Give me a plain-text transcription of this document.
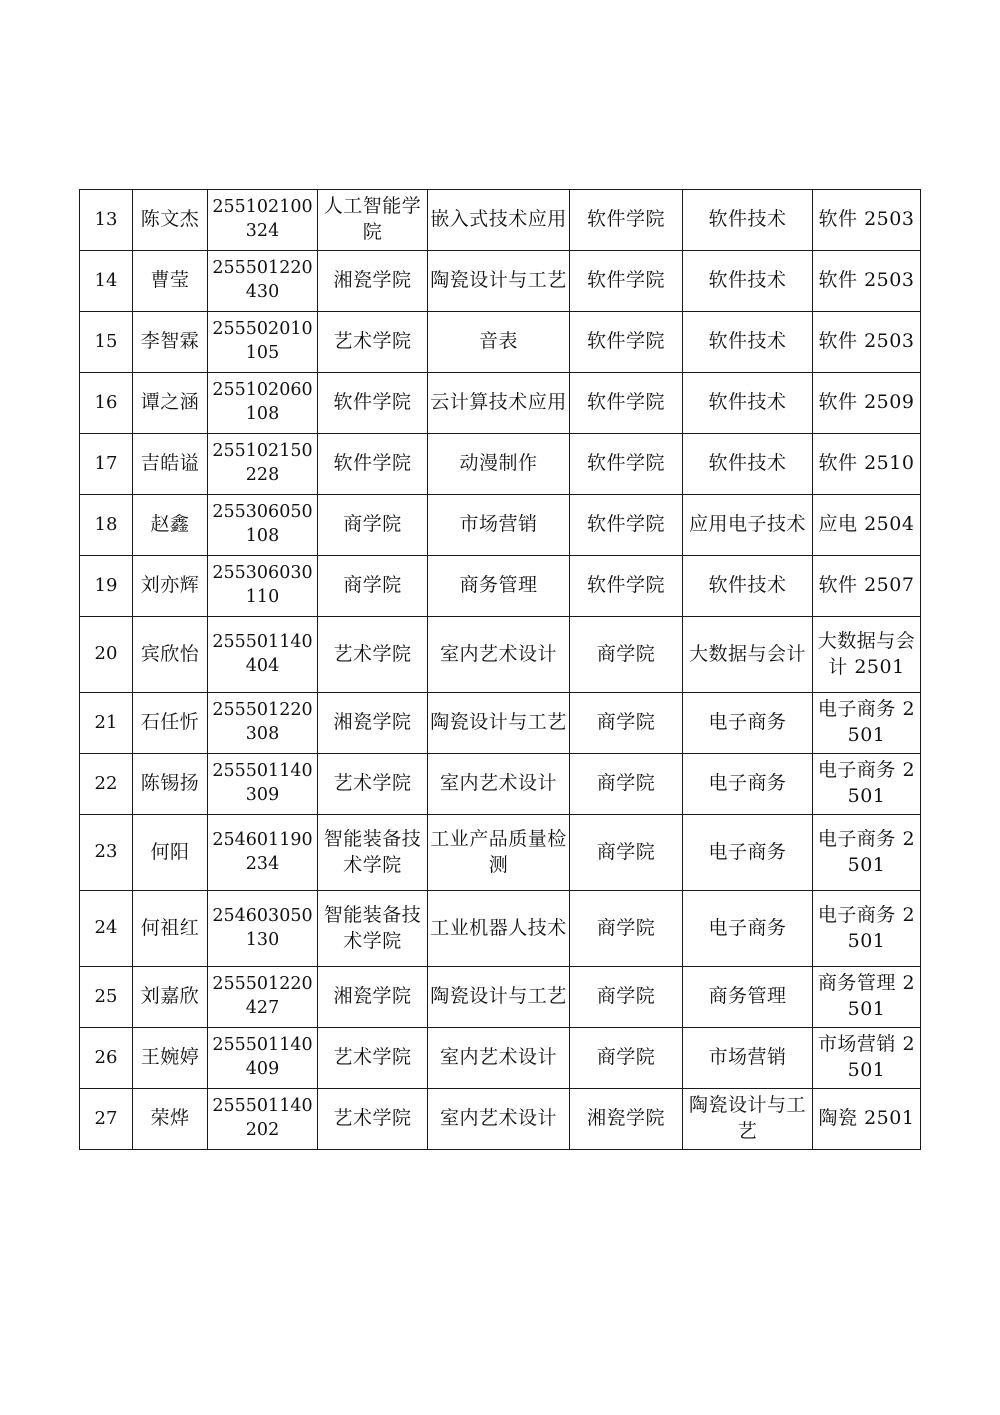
13	陈文杰	255102100324	人工智能学院	嵌入式技术应用	软件学院	软件技术	软件 2503
14	曹莹	255501220430	湘瓷学院	陶瓷设计与工艺	软件学院	软件技术	软件 2503
15	李智霖	255502010105	艺术学院	音表	软件学院	软件技术	软件 2503
16	谭之涵	255102060108	软件学院	云计算技术应用	软件学院	软件技术	软件 2509
17	吉皓谥	255102150228	软件学院	动漫制作	软件学院	软件技术	软件 2510
18	赵鑫	255306050108	商学院	市场营销	软件学院	应用电子技术	应电 2504
19	刘亦辉	255306030110	商学院	商务管理	软件学院	软件技术	软件 2507
20	宾欣怡	255501140404	艺术学院	室内艺术设计	商学院	大数据与会计	大数据与会计 2501
21	石任忻	255501220308	湘瓷学院	陶瓷设计与工艺	商学院	电子商务	电子商务 2501
22	陈锡扬	255501140309	艺术学院	室内艺术设计	商学院	电子商务	电子商务 2501
23	何阳	254601190234	智能装备技术学院	工业产品质量检测	商学院	电子商务	电子商务 2501
24	何祖红	254603050130	智能装备技术学院	工业机器人技术	商学院	电子商务	电子商务 2501
25	刘嘉欣	255501220427	湘瓷学院	陶瓷设计与工艺	商学院	商务管理	商务管理 2501
26	王婉婷	255501140409	艺术学院	室内艺术设计	商学院	市场营销	市场营销 2501
27	荣烨	255501140202	艺术学院	室内艺术设计	湘瓷学院	陶瓷设计与工艺	陶瓷 2501
